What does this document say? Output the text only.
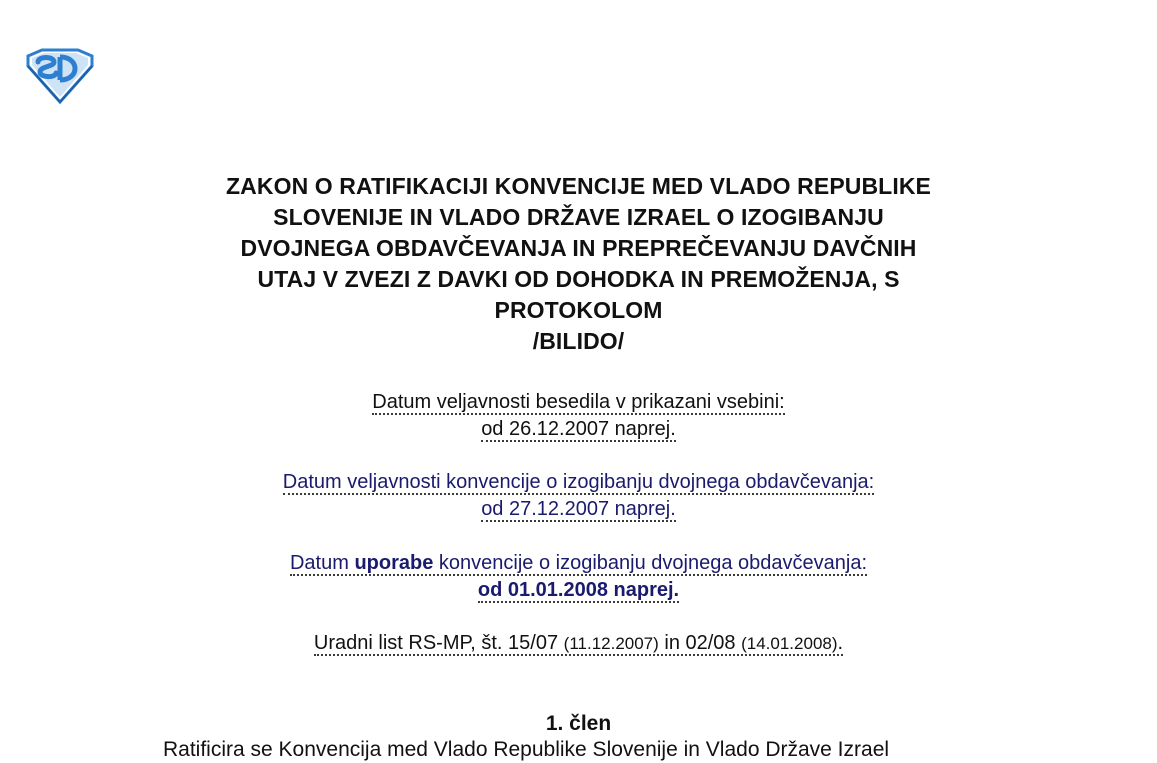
ZAKON O RATIFIKACIJI KONVENCIJE MED VLADO REPUBLIKE
SLOVENIJE IN VLADO DRŽAVE IZRAEL O IZOGIBANJU
DVOJNEGA OBDAVČEVANJA IN PREPREČEVANJU DAVČNIH
UTAJ V ZVEZI Z DAVKI OD DOHODKA IN PREMOŽENJA, S
PROTOKOLOM
/BILIDO/
Datum veljavnosti besedila v prikazani vsebini:
od 26.12.2007 naprej.
Datum veljavnosti konvencije o izogibanju dvojnega obdavčevanja:
od 27.12.2007 naprej.
Datum uporabe konvencije o izogibanju dvojnega obdavčevanja:
od 01.01.2008 naprej.
Uradni list RS-MP, št. 15/07 (11.12.2007) in 02/08 (14.01.2008).
1. člen
Ratificira se Konvencija med Vlado Republike Slovenije in Vlado Države Izrael
